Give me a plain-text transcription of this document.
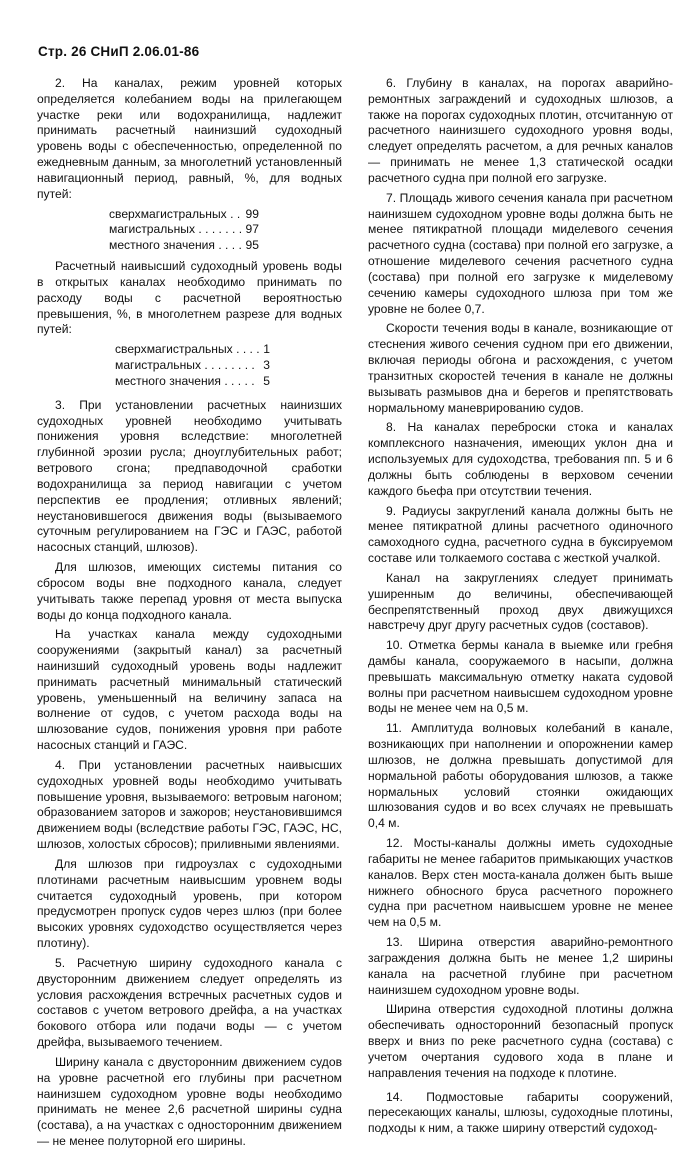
Стр. 26 СНиП 2.06.01-86

2. На каналах, режим уровней которых определяется колебанием воды на прилегающем участке реки или водохранилища, надлежит принимать расчетный наинизший судоходный уровень воды с обеспеченностью, определенной по ежедневным данным, за многолетний установленный навигационный период, равный, %, для водных путей:

сверхмагистральных . . .	99
магистральных . . .	97
местного значения . . .	95

Расчетный наивысший судоходный уровень воды в открытых каналах необходимо принимать по расходу воды с расчетной вероятностью превышения, %, в многолетнем разрезе для водных путей:

сверхмагистральных . . .	1
магистральных . . .	3
местного значения . . .	5

3. При установлении расчетных наинизших судоходных уровней необходимо учитывать понижения уровня вследствие: многолетней глубинной эрозии русла; дноуглубительных работ; ветрового сгона; предпаводочной сработки водохранилища за период навигации с учетом перспектив ее продления; отливных явлений; неустановившегося движения воды (вызываемого суточным регулированием на ГЭС и ГАЭС, работой насосных станций, шлюзов).

Для шлюзов, имеющих системы питания со сбросом воды вне подходного канала, следует учитывать также перепад уровня от места выпуска воды до конца подходного канала.

На участках канала между судоходными сооружениями (закрытый канал) за расчетный наинизший судоходный уровень воды надлежит принимать расчетный минимальный статический уровень, уменьшенный на величину запаса на волнение от судов, с учетом расхода воды на шлюзование судов, понижения уровня при работе насосных станций и ГАЭС.

4. При установлении расчетных наивысших судоходных уровней воды необходимо учитывать повышение уровня, вызываемого: ветровым нагоном; образованием заторов и зажоров; неустановившимся движением воды (вследствие работы ГЭС, ГАЭС, НС, шлюзов, холостых сбросов); приливными явлениями.

Для шлюзов при гидроузлах с судоходными плотинами расчетным наивысшим уровнем воды считается судоходный уровень, при котором предусмотрен пропуск судов через шлюз (при более высоких уровнях судоходство осуществляется через плотину).

5. Расчетную ширину судоходного канала с двусторонним движением следует определять из условия расхождения встречных расчетных судов и составов с учетом ветрового дрейфа, а на участках бокового отбора или подачи воды — с учетом дрейфа, вызываемого течением.

Ширину канала с двусторонним движением судов на уровне расчетной его глубины при расчетном наинизшем судоходном уровне воды необходимо принимать не менее 2,6 расчетной ширины судна (состава), а на участках с односторонним движением — не менее полуторной его ширины.

6. Глубину в каналах, на порогах аварийно-ремонтных заграждений и судоходных шлюзов, а также на порогах судоходных плотин, отсчитанную от расчетного наинизшего судоходного уровня воды, следует определять расчетом, а для речных каналов — принимать не менее 1,3 статической осадки расчетного судна при полной его загрузке.

7. Площадь живого сечения канала при расчетном наинизшем судоходном уровне воды должна быть не менее пятикратной площади миделевого сечения расчетного судна (состава) при полной его загрузке, а отношение миделевого сечения расчетного судна (состава) при полной его загрузке к миделевому сечению камеры судоходного шлюза при том же уровне не более 0,7.

Скорости течения воды в канале, возникающие от стеснения живого сечения судном при его движении, включая периоды обгона и расхождения, с учетом транзитных скоростей течения в канале не должны вызывать размывов дна и берегов и препятствовать нормальному маневрированию судов.

8. На каналах переброски стока и каналах комплексного назначения, имеющих уклон дна и используемых для судоходства, требования пп. 5 и 6 должны быть соблюдены в верховом сечении каждого бьефа при отсутствии течения.

9. Радиусы закруглений канала должны быть не менее пятикратной длины расчетного одиночного самоходного судна, расчетного судна в буксируемом составе или толкаемого состава с жесткой учалкой.

Канал на закруглениях следует принимать уширенным до величины, обеспечивающей беспрепятственный проход двух движущихся навстречу друг другу расчетных судов (составов).

10. Отметка бермы канала в выемке или гребня дамбы канала, сооружаемого в насыпи, должна превышать максимальную отметку наката судовой волны при расчетном наивысшем судоходном уровне воды не менее чем на 0,5 м.

11. Амплитуда волновых колебаний в канале, возникающих при наполнении и опорожнении камер шлюзов, не должна превышать допустимой для нормальной работы оборудования шлюзов, а также нормальных условий стоянки ожидающих шлюзования судов и во всех случаях не превышать 0,4 м.

12. Мосты-каналы должны иметь судоходные габариты не менее габаритов примыкающих участков каналов. Верх стен моста-канала должен быть выше нижнего обносного бруса расчетного порожнего судна при расчетном наивысшем уровне не менее чем на 0,5 м.

13. Ширина отверстия аварийно-ремонтного заграждения должна быть не менее 1,2 ширины канала на расчетной глубине при расчетном наинизшем судоходном уровне воды.

Ширина отверстия судоходной плотины должна обеспечивать односторонний безопасный пропуск вверх и вниз по реке расчетного судна (состава) с учетом очертания судового хода в плане и направления течения на подходе к плотине.

14. Подмостовые габариты сооружений, пересекающих каналы, шлюзы, судоходные плотины, подходы к ним, а также ширину отверстий судоход-
